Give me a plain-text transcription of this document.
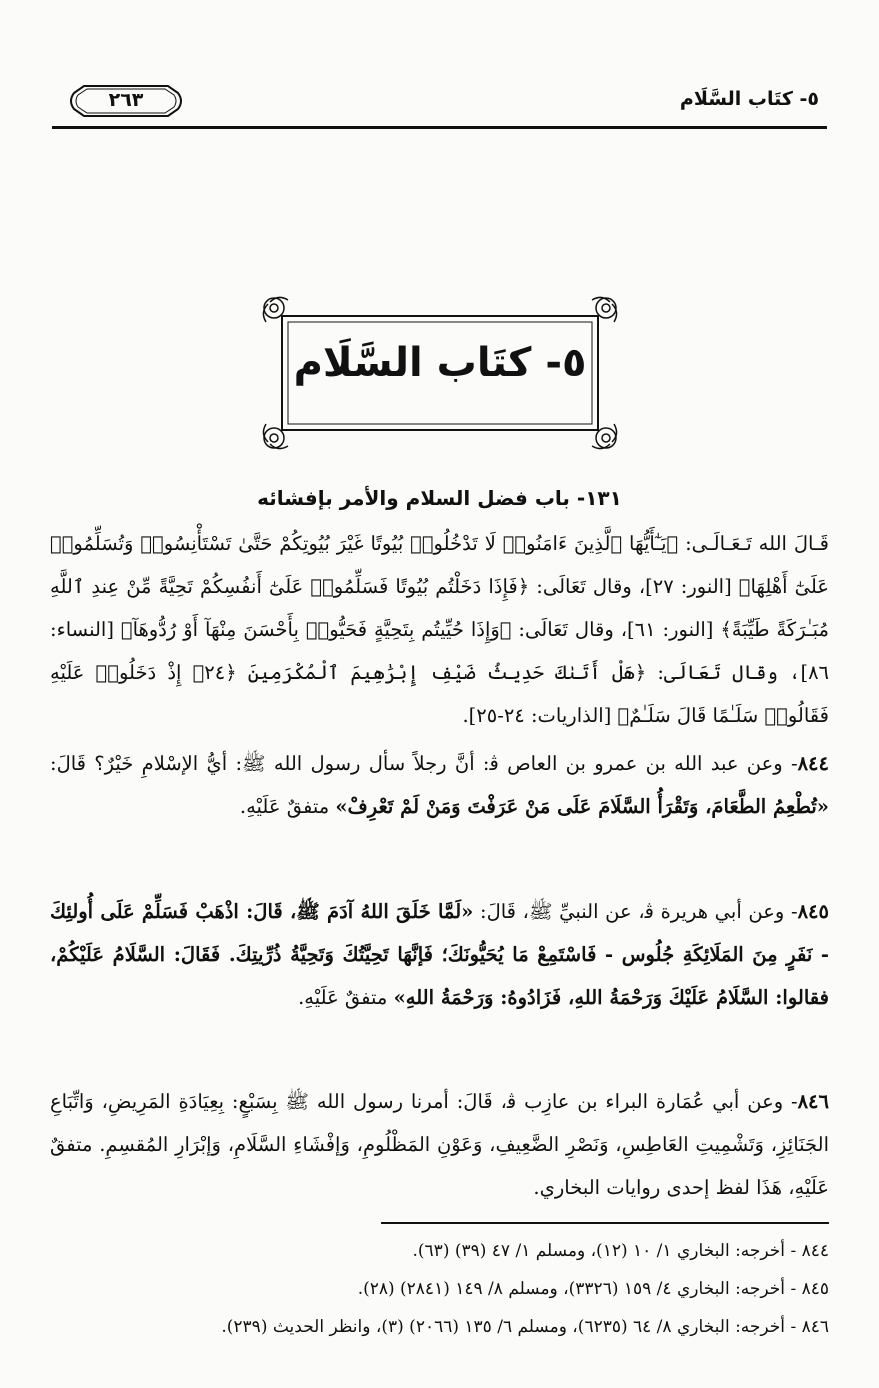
٥- كتَاب السَّلَام
٢٦٣
٥- كتَاب السَّلَام
١٣١- باب فضل السلام والأمر بإفشائه
قَـالَ الله تَـعَـالَـى: ﴿يَـٰٓأَيُّهَا ٱلَّذِينَ ءَامَنُوا۟ لَا تَدْخُلُوا۟ بُيُوتًا غَيْرَ بُيُوتِكُمْ حَتَّىٰ تَسْتَأْنِسُوا۟ وَتُسَلِّمُوا۟ عَلَىٰٓ أَهْلِهَا﴾ [النور: ٢٧]، وقال تَعَالَى: ﴿فَإِذَا دَخَلْتُم بُيُوتًا فَسَلِّمُوا۟ عَلَىٰٓ أَنفُسِكُمْ تَحِيَّةً مِّنْ عِندِ ٱللَّهِ مُبَـٰرَكَةً طَيِّبَةً﴾ [النور: ٦١]، وقال تَعَالَى: ﴿وَإِذَا حُيِّيتُم بِتَحِيَّةٍ فَحَيُّوا۟ بِأَحْسَنَ مِنْهَآ أَوْ رُدُّوهَآ﴾ [النساء: ٨٦]، وقال تَعَالَى: ﴿هَلْ أَتَىٰكَ حَدِيثُ ضَيْفِ إِبْرَٰهِيمَ ٱلْمُكْرَمِينَ ﴿٢٤﴾ إِذْ دَخَلُوا۟ عَلَيْهِ فَقَالُوا۟ سَلَـٰمًا قَالَ سَلَـٰمٌ﴾ [الذاريات: ٢٤-٢٥].
٨٤٤- وعن عبد الله بن عمرو بن العاص ﭬ: أنَّ رجلاً سأل رسول الله ﷺ: أيُّ الإسْلامِ خَيْرٌ؟ قَالَ: «تُطْعِمُ الطَّعَامَ، وَتَقْرَأُ السَّلَامَ عَلَى مَنْ عَرَفْتَ وَمَنْ لَمْ تَعْرِفْ» متفقٌ عَلَيْهِ.
٨٤٥- وعن أبي هريرة ﭬ، عن النبيِّ ﷺ، قَالَ: «لَمَّا خَلَقَ اللهُ آدَمَ ﷺ، قَالَ: اذْهَبْ فَسَلِّمْ عَلَى أُولئِكَ - نَفَرٍ مِنَ المَلَائِكَةِ جُلُوس - فَاسْتَمِعْ مَا يُحَيُّونَكَ؛ فَإنَّهَا تَحِيَّتُكَ وَتَحِيَّةُ ذُرِّيتِكَ. فَقَالَ: السَّلَامُ عَلَيْكُمْ، فقالوا: السَّلَامُ عَلَيْكَ وَرَحْمَةُ اللهِ، فَزَادُوهُ: وَرَحْمَةُ اللهِ» متفقٌ عَلَيْهِ.
٨٤٦- وعن أبي عُمَارة البراء بن عازِب ﭬ، قَالَ: أمرنا رسول الله ﷺ بِسَبْعٍ: بِعِيَادَةِ المَرِيضِ، وَاتِّبَاعِ الجَنَائِزِ، وَتَشْمِيتِ العَاطِسِ، وَنَصْرِ الضَّعِيفِ، وَعَوْنِ المَظْلُومِ، وَإفْشَاءِ السَّلَامِ، وَإبْرَارِ المُقسِمِ. متفقٌ عَلَيْهِ، هَذَا لفظ إحدى روايات البخاري.
٨٤٤ - أخرجه: البخاري ١/ ١٠ (١٢)، ومسلم ١/ ٤٧ (٣٩) (٦٣).
٨٤٥ - أخرجه: البخاري ٤/ ١٥٩ (٣٣٢٦)، ومسلم ٨/ ١٤٩ (٢٨٤١) (٢٨).
٨٤٦ - أخرجه: البخاري ٨/ ٦٤ (٦٢٣٥)، ومسلم ٦/ ١٣٥ (٢٠٦٦) (٣)، وانظر الحديث (٢٣٩).
